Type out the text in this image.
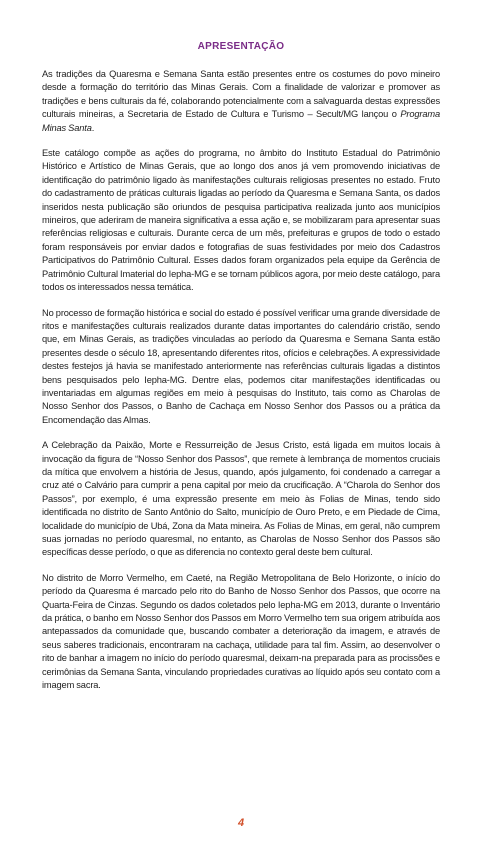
APRESENTAÇÃO

As tradições da Quaresma e Semana Santa estão presentes entre os costumes do povo mineiro desde a formação do território das Minas Gerais. Com a finalidade de valorizar e promover as tradições e bens culturais da fé, colaborando potencialmente com a salvaguarda destas expressões culturais mineiras, a Secretaria de Estado de Cultura e Turismo – Secult/MG lançou o Programa Minas Santa.

Este catálogo compõe as ações do programa, no âmbito do Instituto Estadual do Patrimônio Histórico e Artístico de Minas Gerais, que ao longo dos anos já vem promovendo iniciativas de identificação do patrimônio ligado às manifestações culturais religiosas presentes no estado. Fruto do cadastramento de práticas culturais ligadas ao período da Quaresma e Semana Santa, os dados inseridos nesta publicação são oriundos de pesquisa participativa realizada junto aos municípios mineiros, que aderiram de maneira significativa a essa ação e, se mobilizaram para apresentar suas referências religiosas e culturais. Durante cerca de um mês, prefeituras e grupos de todo o estado foram responsáveis por enviar dados e fotografias de suas festividades por meio dos Cadastros Participativos do Patrimônio Cultural. Esses dados foram organizados pela equipe da Gerência de Patrimônio Cultural Imaterial do Iepha-MG e se tornam públicos agora, por meio deste catálogo, para todos os interessados nessa temática.

No processo de formação histórica e social do estado é possível verificar uma grande diversidade de ritos e manifestações culturais realizados durante datas importantes do calendário cristão, sendo que, em Minas Gerais, as tradições vinculadas ao período da Quaresma e Semana Santa estão presentes desde o século 18, apresentando diferentes ritos, ofícios e celebrações. A expressividade destes festejos já havia se manifestado anteriormente nas referências culturais ligadas a distintos bens pesquisados pelo Iepha-MG. Dentre elas, podemos citar manifestações identificadas ou inventariadas em algumas regiões em meio à pesquisas do Instituto, tais como as Charolas de Nosso Senhor dos Passos, o Banho de Cachaça em Nosso Senhor dos Passos ou a prática da Encomendação das Almas.

A Celebração da Paixão, Morte e Ressurreição de Jesus Cristo, está ligada em muitos locais à invocação da figura de “Nosso Senhor dos Passos”, que remete à lembrança de momentos cruciais da mítica que envolvem a história de Jesus, quando, após julgamento, foi condenado a carregar a cruz até o Calvário para cumprir a pena capital por meio da crucificação. A “Charola do Senhor dos Passos”, por exemplo, é uma expressão presente em meio às Folias de Minas, tendo sido identificada no distrito de Santo Antônio do Salto, município de Ouro Preto, e em Piedade de Cima, localidade do município de Ubá, Zona da Mata mineira. As Folias de Minas, em geral, não cumprem suas jornadas no período quaresmal, no entanto, as Charolas de Nosso Senhor dos Passos são específicas desse período, o que as diferencia no contexto geral deste bem cultural.

No distrito de Morro Vermelho, em Caeté, na Região Metropolitana de Belo Horizonte, o início do período da Quaresma é marcado pelo rito do Banho de Nosso Senhor dos Passos, que ocorre na Quarta-Feira de Cinzas. Segundo os dados coletados pelo Iepha-MG em 2013, durante o Inventário da prática, o banho em Nosso Senhor dos Passos em Morro Vermelho tem sua origem atribuída aos antepassados da comunidade que, buscando combater a deterioração da imagem, e através de seus saberes tradicionais, encontraram na cachaça, utilidade para tal fim. Assim, ao desenvolver o rito de banhar a imagem no início do período quaresmal, deixam-na preparada para as procissões e cerimônias da Semana Santa, vinculando propriedades curativas ao líquido após seu contato com a imagem sacra.

4
